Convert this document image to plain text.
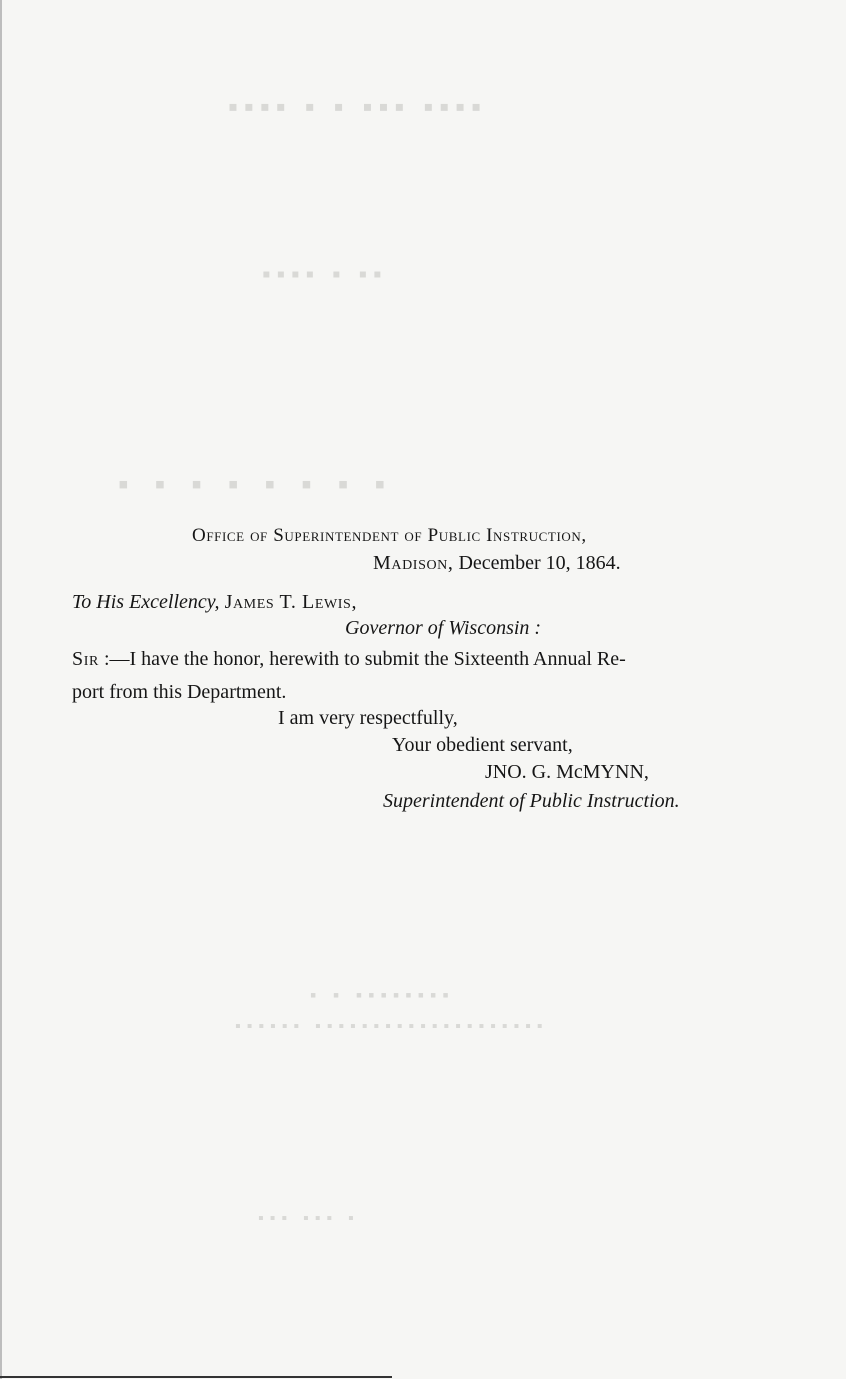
▪▪▪▪ ▪ ▪ ▪▪▪ ▪▪▪▪
▪▪▪▪ ▪ ▪▪
▪▪▪▪▪▪▪▪
▪ ▪ ▪▪▪▪▪▪▪▪
▪▪▪▪▪▪ ▪▪▪▪▪▪▪▪▪▪▪▪▪▪▪▪▪▪▪▪
▪▪▪ ▪▪▪ ▪
Office of Superintendent of Public Instruction,
Madison, December 10, 1864.
To His Excellency, James T. Lewis,
Governor of Wisconsin :
Sir :—I have the honor, herewith to submit the Sixteenth Annual Re-
port from this Department.
I am very respectfully,
Your obedient servant,
JNO. G. McMYNN,
Superintendent of Public Instruction.
